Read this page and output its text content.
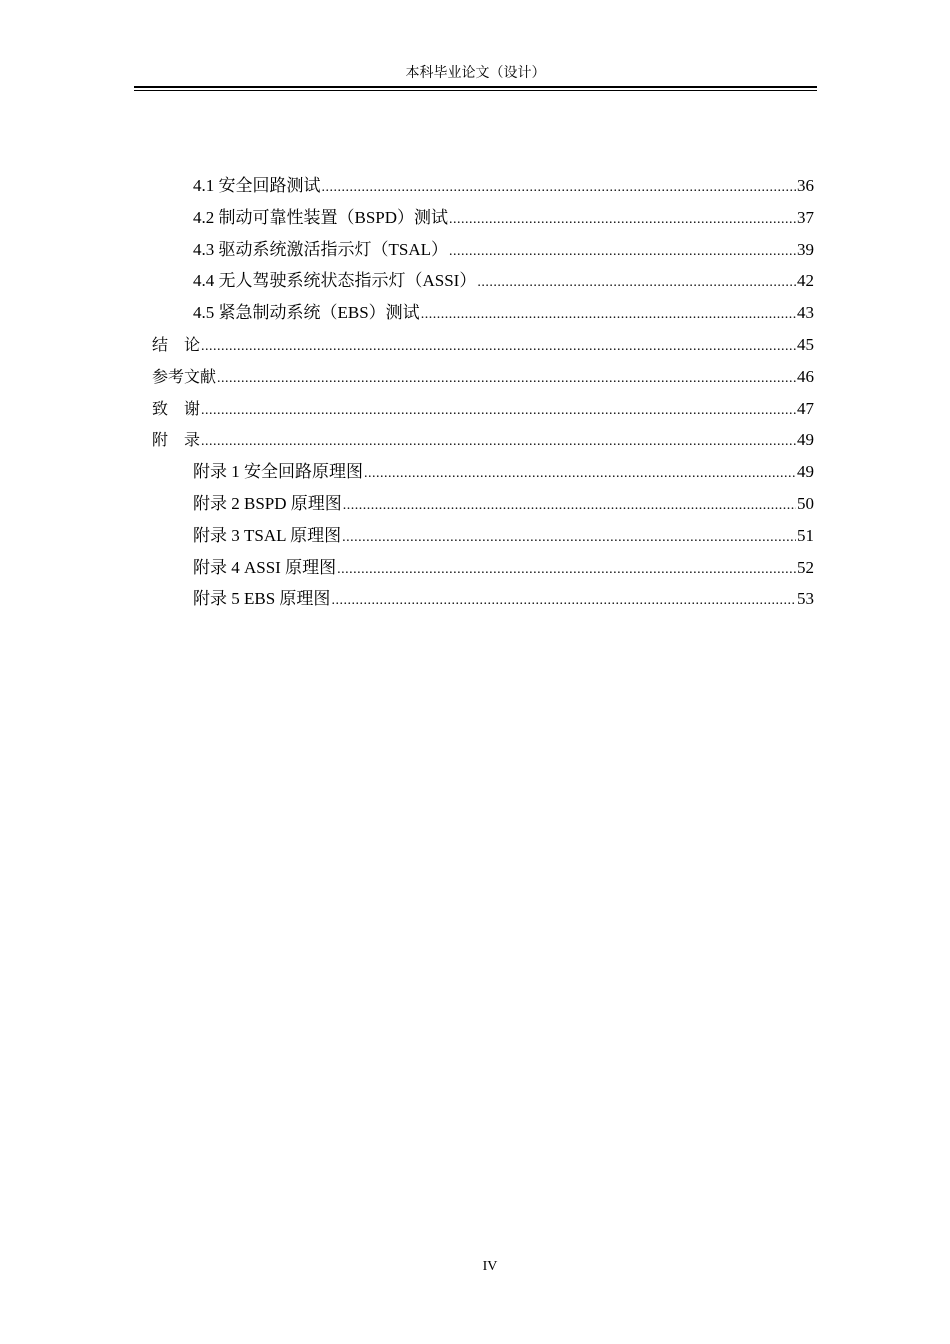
本科毕业论文（设计）
4.1 安全回路测试 .....	36
4.2 制动可靠性装置（BSPD）测试 .....	37
4.3 驱动系统激活指示灯（TSAL） .....	39
4.4 无人驾驶系统状态指示灯（ASSI） .....	42
4.5 紧急制动系统（EBS）测试 .....	43
结　论 .....	45
参考文献 .....	46
致　谢 .....	47
附　录 .....	49
附录 1 安全回路原理图 .....	49
附录 2 BSPD 原理图 .....	50
附录 3 TSAL 原理图 .....	51
附录 4 ASSI 原理图 .....	52
附录 5 EBS 原理图 .....	53
IV
